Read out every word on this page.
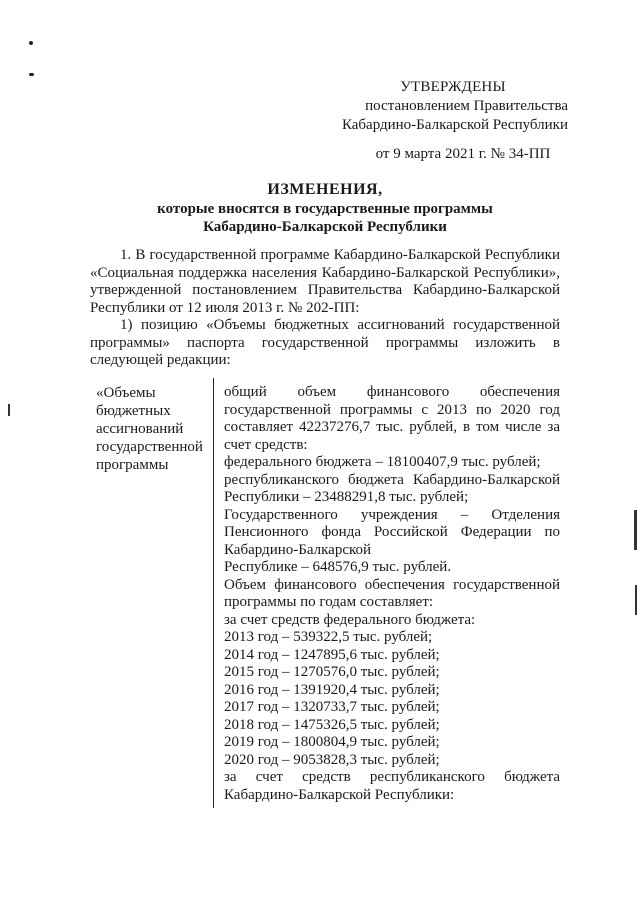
УТВЕРЖДЕНЫ
постановлением Правительства
Кабардино-Балкарской Республики
от 9 марта 2021 г. № 34-ПП
ИЗМЕНЕНИЯ,
которые вносятся в государственные программы
Кабардино-Балкарской Республики

1. В государственной программе Кабардино-Балкарской Республики «Социальная поддержка населения Кабардино-Балкарской Республики», утвержденной постановлением Правительства Кабардино-Балкарской Республики от 12 июля 2013 г. № 202-ПП:

1) позицию «Объемы бюджетных ассигнований государственной программы» паспорта государственной программы изложить в следующей редакции:

«Объемы
бюджетных
ассигнований
государственной
программы
общий объем финансового обеспечения государственной программы с 2013 по 2020 год составляет 42237276,7 тыс. рублей, в том числе за счет средств:
федерального бюджета – 18100407,9 тыс. рублей;
республиканского бюджета Кабардино-Балкарской Республики – 23488291,8 тыс. рублей;
Государственного учреждения – Отделения Пенсионного фонда Российской Федерации по Кабардино-Балкарской
Республике – 648576,9 тыс. рублей.
Объем финансового обеспечения государственной программы по годам составляет:
за счет средств федерального бюджета:
2013 год – 539322,5 тыс. рублей;
2014 год – 1247895,6 тыс. рублей;
2015 год – 1270576,0 тыс. рублей;
2016 год – 1391920,4 тыс. рублей;
2017 год – 1320733,7 тыс. рублей;
2018 год – 1475326,5 тыс. рублей;
2019 год – 1800804,9 тыс. рублей;
2020 год – 9053828,3 тыс. рублей;
за счет средств республиканского бюджета Кабардино-Балкарской Республики:
